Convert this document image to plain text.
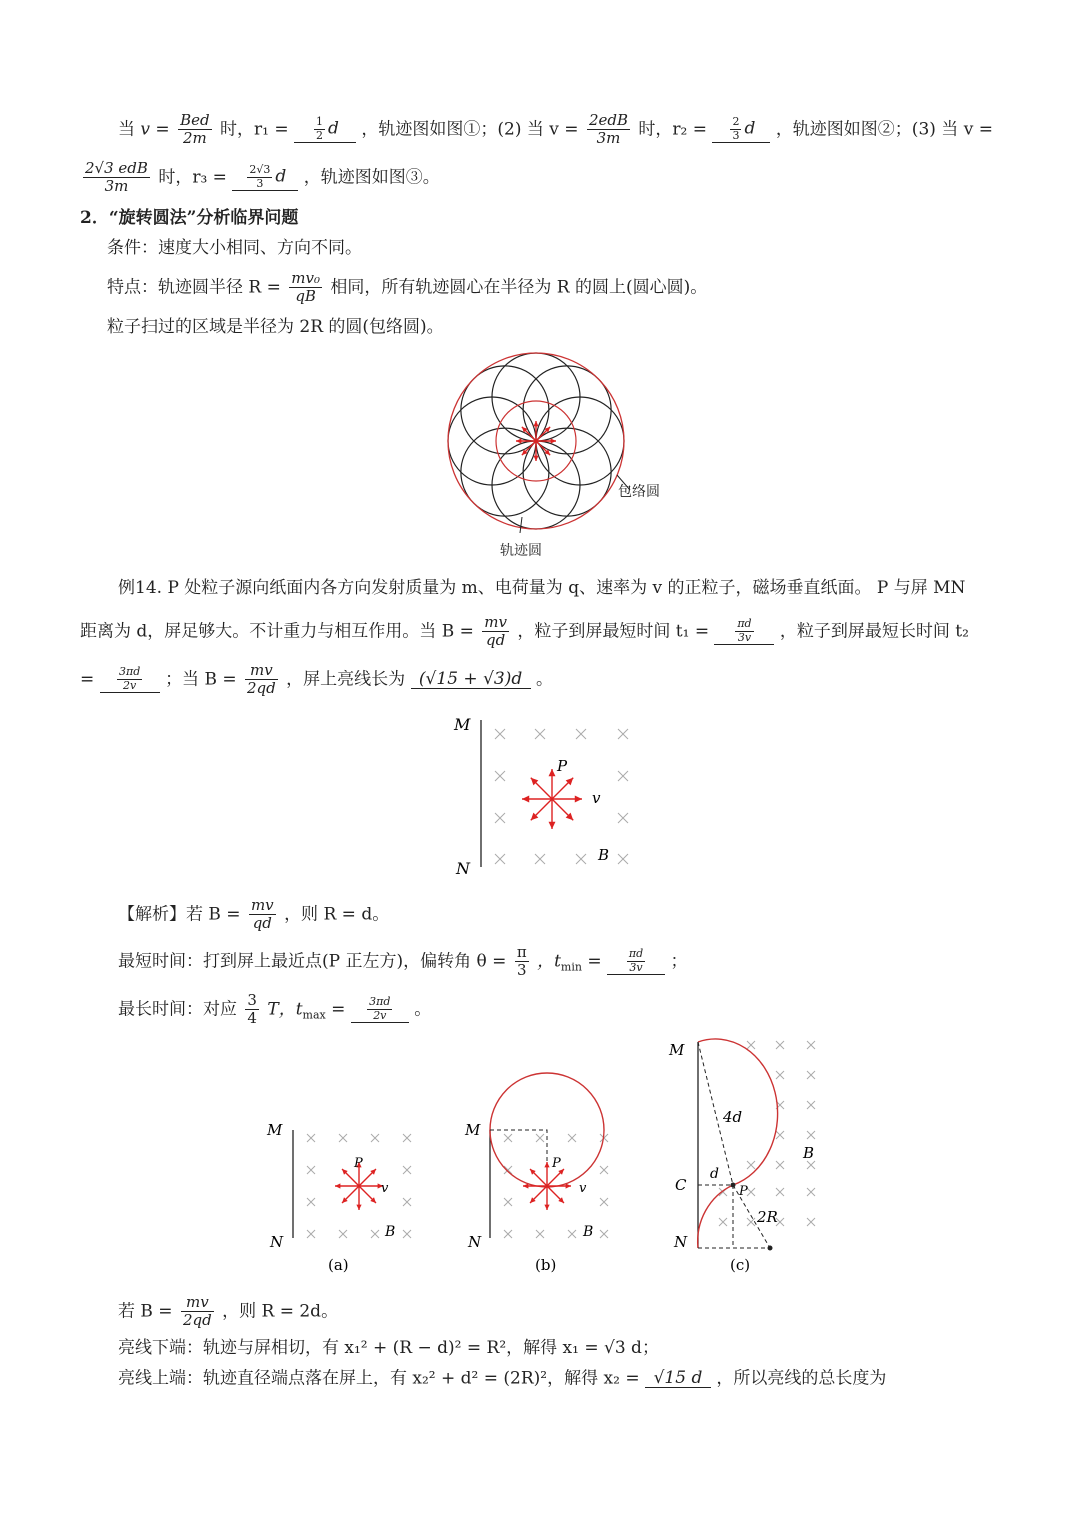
当 $v = \frac{\text{Bed}}{2m}$ 时，$r_1 = \frac{1}{2}$ d ，轨迹图如图①；(2) 当 $v = \frac{\text{2edB}}{3m}$ 时，$r_2 = \frac{2}{3}$ d ，轨迹图如图②；(3) 当 v =
$\frac{\text{2√3 edB}}{3m}$ 时，$r_3 = \frac{2√3}{3}$ d ，轨迹图如图③。
2．“旋转圆法”分析临界问题
条件：速度大小相同、方向不同。
特点：轨迹圆半径 $R = \frac{\text{mv₀}}{qB}$ 相同，所有轨迹圆心在半径为 R 的圆上(圆心圆)。
粒子扫过的区域是半径为 2R 的圆(包络圆)。
包络圆
轨迹圆
例14. P 处粒子源向纸面内各方向发射质量为 m、电荷量为 q、速率为 v 的正粒子，磁场垂直纸面。 P 与屏 MN
距离为 d，屏足够大。不计重力与相互作用。当 $B = \frac{mv}{qd}$ ，粒子到屏最短时间 $t_1 = \frac{\pi d}{3v}$ ，粒子到屏最短长时间 t₂
= $\frac{3\pi d}{2v}$ ；当 $B = \frac{mv}{2qd}$ ，屏上亮线长为 (√15 + √3)d 。
M
N
P
v
B
【解析】若 $B = \frac{mv}{qd}$ ，则 R = d。
最短时间：打到屏上最近点(P 正左方)，偏转角 $\theta = \frac{\pi}{3}$ ，$t_{min} = \frac{\pi d}{3v}$ ；
最长时间：对应 $\frac{3}{4}$ T，$t_{max} = \frac{3\pi d}{2v}$ 。
M
N
P
v
B
(a)
M
N
P
v
B
(b)
M
C
N
4d
d
P
2R
B
(c)
若 $B = \frac{mv}{2qd}$ ，则 R = 2d。
亮线下端：轨迹与屏相切，有 x₁² + (R − d)² = R²，解得 x₁ = √3 d；
亮线上端：轨迹直径端点落在屏上，有 x₂² + d² = (2R)²，解得 x₂ = √15 d ，所以亮线的总长度为
